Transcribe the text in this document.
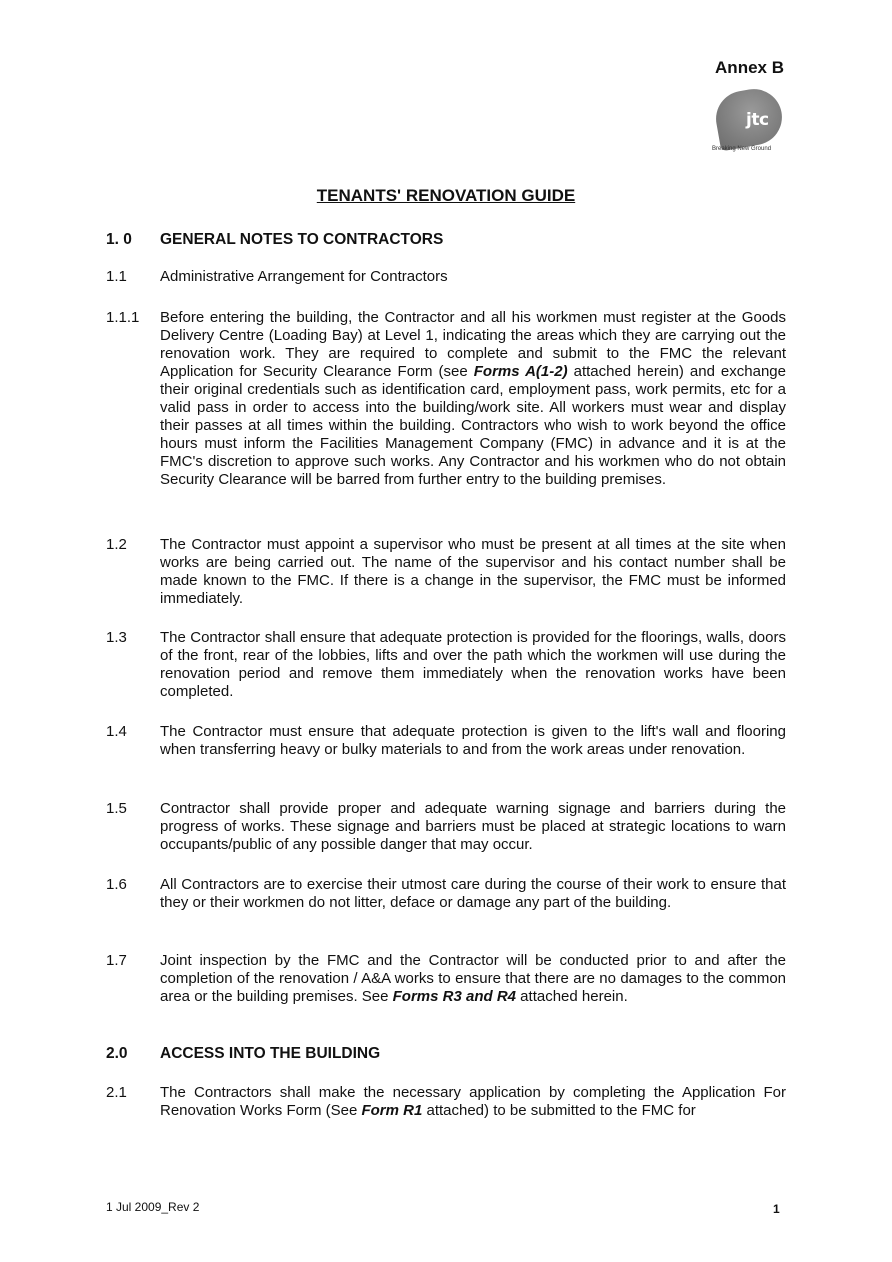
Annex B
jtc
Breaking New Ground
TENANTS' RENOVATION GUIDE
1. 0 GENERAL NOTES TO CONTRACTORS
1.1 Administrative Arrangement for Contractors
1.1.1 Before entering the building, the Contractor and all his workmen must register at the Goods Delivery Centre (Loading Bay) at Level 1, indicating the areas which they are carrying out the renovation work. They are required to complete and submit to the FMC the relevant Application for Security Clearance Form (see Forms A(1-2) attached herein) and exchange their original credentials such as identification card, employment pass, work permits, etc for a valid pass in order to access into the building/work site. All workers must wear and display their passes at all times within the building. Contractors who wish to work beyond the office hours must inform the Facilities Management Company (FMC) in advance and it is at the FMC's discretion to approve such works. Any Contractor and his workmen who do not obtain Security Clearance will be barred from further entry to the building premises.
1.2 The Contractor must appoint a supervisor who must be present at all times at the site when works are being carried out. The name of the supervisor and his contact number shall be made known to the FMC. If there is a change in the supervisor, the FMC must be informed immediately.
1.3 The Contractor shall ensure that adequate protection is provided for the floorings, walls, doors of the front, rear of the lobbies, lifts and over the path which the workmen will use during the renovation period and remove them immediately when the renovation works have been completed.
1.4 The Contractor must ensure that adequate protection is given to the lift's wall and flooring when transferring heavy or bulky materials to and from the work areas under renovation.
1.5 Contractor shall provide proper and adequate warning signage and barriers during the progress of works. These signage and barriers must be placed at strategic locations to warn occupants/public of any possible danger that may occur.
1.6 All Contractors are to exercise their utmost care during the course of their work to ensure that they or their workmen do not litter, deface or damage any part of the building.
1.7 Joint inspection by the FMC and the Contractor will be conducted prior to and after the completion of the renovation / A&A works to ensure that there are no damages to the common area or the building premises. See Forms R3 and R4 attached herein.
2.0 ACCESS INTO THE BUILDING
2.1 The Contractors shall make the necessary application by completing the Application For Renovation Works Form (See Form R1 attached) to be submitted to the FMC for
1 Jul 2009_Rev 2	1
